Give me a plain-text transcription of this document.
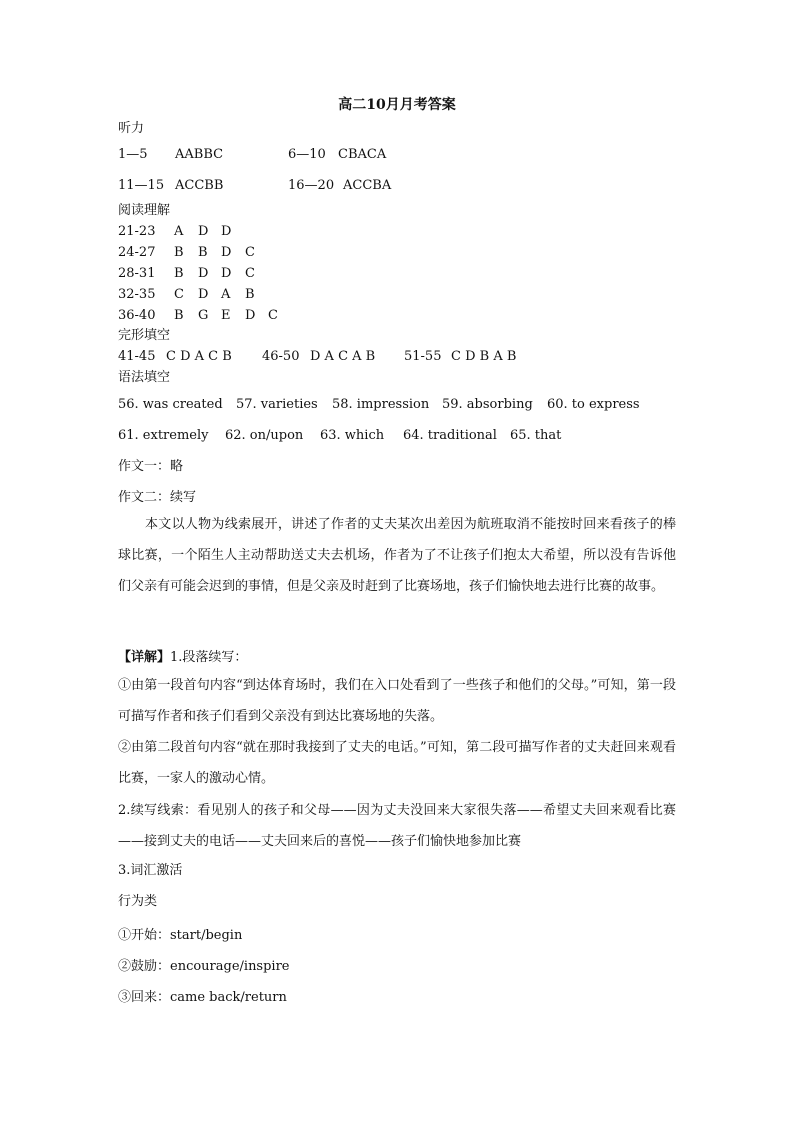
高二10月月考答案
听力
1—5 AABBC	6—10 CBACA
11—15 ACCBB	16—20 ACCBA
阅读理解
21-23 A D D
24-27 B B D C
28-31 B D D C
32-35 C D A B
36-40 B G E D C
完形填空
41-45 C D A C B 46-50 D A C A B 51-55 C D B A B
语法填空
56. was created 57. varieties 58. impression 59. absorbing 60. to express
61. extremely 62. on/upon 63. which 64. traditional 65. that
作文一：略
作文二：续写
本文以人物为线索展开，讲述了作者的丈夫某次出差因为航班取消不能按时回来看孩子的棒球比赛，一个陌生人主动帮助送丈夫去机场，作者为了不让孩子们抱太大希望，所以没有告诉他们父亲有可能会迟到的事情，但是父亲及时赶到了比赛场地，孩子们愉快地去进行比赛的故事。
【详解】1.段落续写：
①由第一段首句内容“到达体育场时，我们在入口处看到了一些孩子和他们的父母。”可知，第一段可描写作者和孩子们看到父亲没有到达比赛场地的失落。
②由第二段首句内容“就在那时我接到了丈夫的电话。”可知，第二段可描写作者的丈夫赶回来观看比赛，一家人的激动心情。
2.续写线索：看见别人的孩子和父母——因为丈夫没回来大家很失落——希望丈夫回来观看比赛——接到丈夫的电话——丈夫回来后的喜悦——孩子们愉快地参加比赛
3.词汇激活
行为类
①开始：start/begin
②鼓励：encourage/inspire
③回来：came back/return
